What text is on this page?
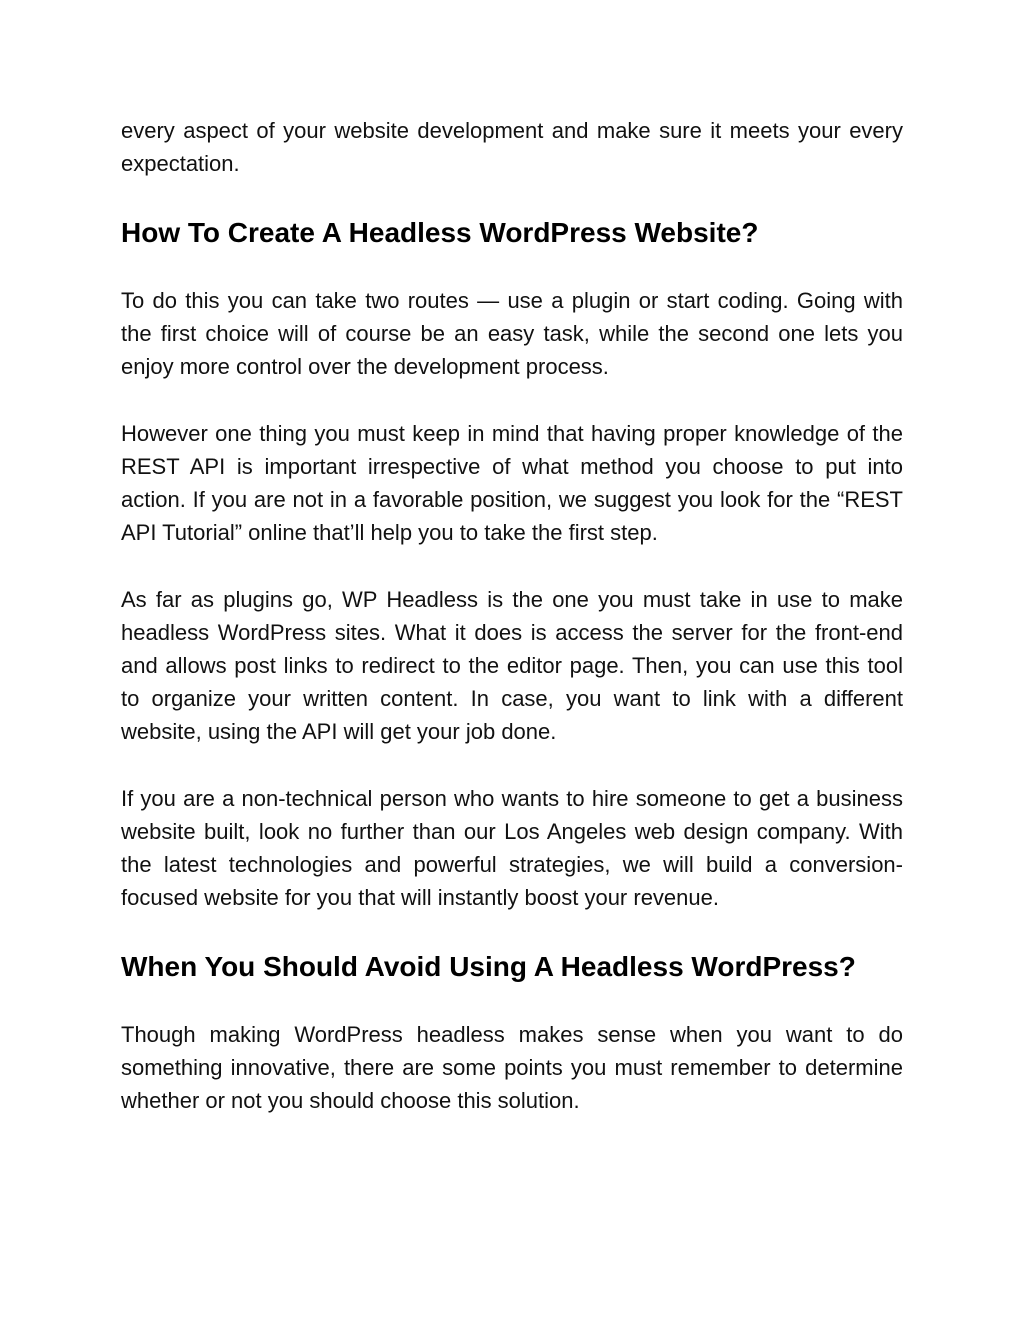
every aspect of your website development and make sure it meets your every expectation.

How To Create A Headless WordPress Website?

To do this you can take two routes — use a plugin or start coding. Going with the first choice will of course be an easy task, while the second one lets you enjoy more control over the development process.

However one thing you must keep in mind that having proper knowledge of the REST API is important irrespective of what method you choose to put into action. If you are not in a favorable position, we suggest you look for the “REST API Tutorial” online that’ll help you to take the first step.

As far as plugins go, WP Headless is the one you must take in use to make headless WordPress sites. What it does is access the server for the front-end and allows post links to redirect to the editor page. Then, you can use this tool to organize your written content. In case, you want to link with a different website, using the API will get your job done.

If you are a non-technical person who wants to hire someone to get a business website built, look no further than our Los Angeles web design company. With the latest technologies and powerful strategies, we will build a conversion-focused website for you that will instantly boost your revenue.

When You Should Avoid Using A Headless WordPress?

Though making WordPress headless makes sense when you want to do something innovative, there are some points you must remember to determine whether or not you should choose this solution.
